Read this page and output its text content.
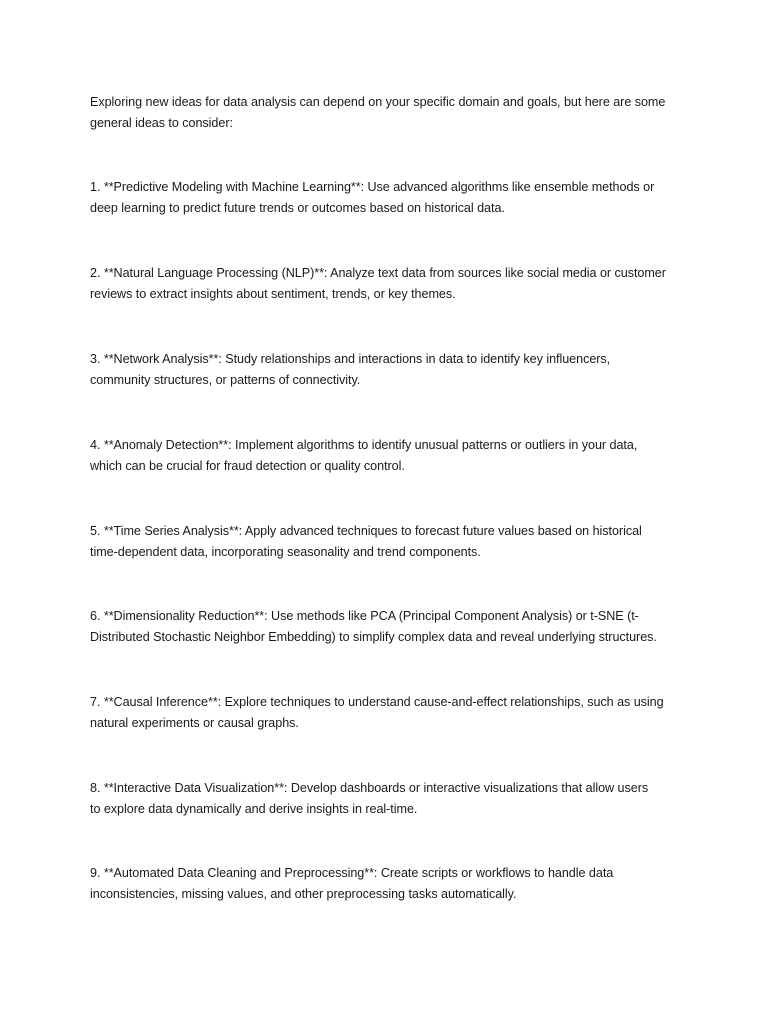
Exploring new ideas for data analysis can depend on your specific domain and goals, but here are some
general ideas to consider:

1. **Predictive Modeling with Machine Learning**: Use advanced algorithms like ensemble methods or
deep learning to predict future trends or outcomes based on historical data.

2. **Natural Language Processing (NLP)**: Analyze text data from sources like social media or customer
reviews to extract insights about sentiment, trends, or key themes.

3. **Network Analysis**: Study relationships and interactions in data to identify key influencers,
community structures, or patterns of connectivity.

4. **Anomaly Detection**: Implement algorithms to identify unusual patterns or outliers in your data,
which can be crucial for fraud detection or quality control.

5. **Time Series Analysis**: Apply advanced techniques to forecast future values based on historical
time-dependent data, incorporating seasonality and trend components.

6. **Dimensionality Reduction**: Use methods like PCA (Principal Component Analysis) or t-SNE (t-
Distributed Stochastic Neighbor Embedding) to simplify complex data and reveal underlying structures.

7. **Causal Inference**: Explore techniques to understand cause-and-effect relationships, such as using
natural experiments or causal graphs.

8. **Interactive Data Visualization**: Develop dashboards or interactive visualizations that allow users
to explore data dynamically and derive insights in real-time.

9. **Automated Data Cleaning and Preprocessing**: Create scripts or workflows to handle data
inconsistencies, missing values, and other preprocessing tasks automatically.
